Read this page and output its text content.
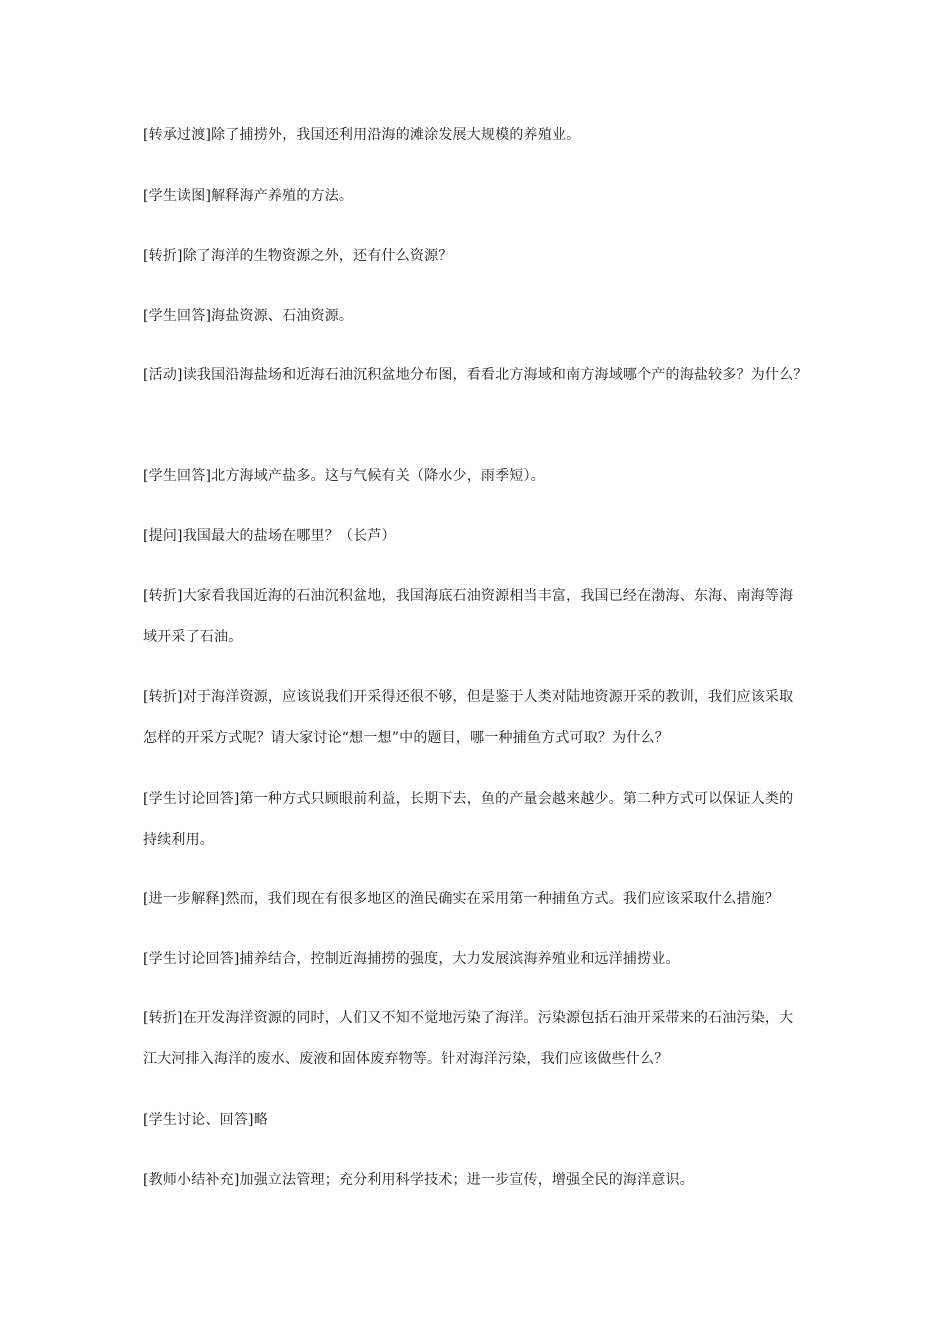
[转承过渡]除了捕捞外，我国还利用沿海的滩涂发展大规模的养殖业。
[学生读图]解释海产养殖的方法。
[转折]除了海洋的生物资源之外，还有什么资源？
[学生回答]海盐资源、石油资源。
[活动]读我国沿海盐场和近海石油沉积盆地分布图，看看北方海域和南方海域哪个产的海盐较多？为什么？
[学生回答]北方海域产盐多。这与气候有关（降水少，雨季短）。
[提问]我国最大的盐场在哪里？（长芦）
[转折]大家看我国近海的石油沉积盆地，我国海底石油资源相当丰富，我国已经在渤海、东海、南海等海
域开采了石油。
[转折]对于海洋资源，应该说我们开采得还很不够，但是鉴于人类对陆地资源开采的教训，我们应该采取
怎样的开采方式呢？请大家讨论“想一想”中的题目，哪一种捕鱼方式可取？为什么？
[学生讨论回答]第一种方式只顾眼前利益，长期下去，鱼的产量会越来越少。第二种方式可以保证人类的
持续利用。
[进一步解释]然而，我们现在有很多地区的渔民确实在采用第一种捕鱼方式。我们应该采取什么措施？
[学生讨论回答]捕养结合，控制近海捕捞的强度，大力发展滨海养殖业和远洋捕捞业。
[转折]在开发海洋资源的同时，人们又不知不觉地污染了海洋。污染源包括石油开采带来的石油污染，大
江大河排入海洋的废水、废液和固体废弃物等。针对海洋污染，我们应该做些什么？
[学生讨论、回答]略
[教师小结补充]加强立法管理；充分利用科学技术；进一步宣传，增强全民的海洋意识。
